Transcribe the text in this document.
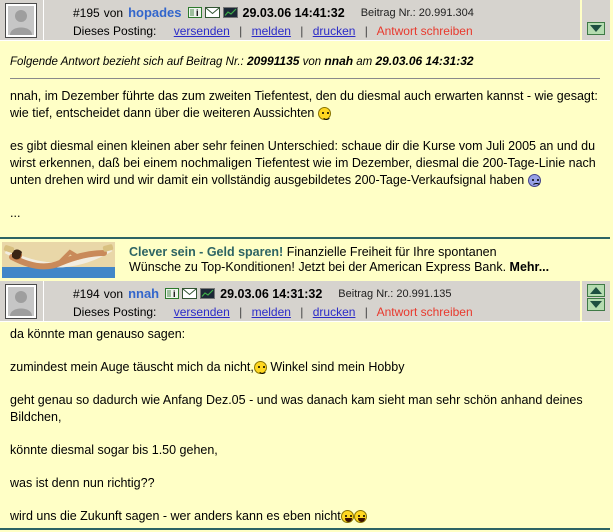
#195 von hopades i	29.03.06 14:41:32 Beitrag Nr.: 20.991.304
Dieses Posting: versenden | melden | drucken | Antwort schreiben
Folgende Antwort bezieht sich auf Beitrag Nr.: 20991135 von nnah am 29.03.06 14:31:32

nnah, im Dezember führte das zum zweiten Tiefentest, den du diesmal auch erwarten kannst - wie gesagt: wie tief, entscheidet dann über die weiteren Aussichten

es gibt diesmal einen kleinen aber sehr feinen Unterschied: schaue dir die Kurse vom Juli 2005 an und du wirst erkennen, daß bei einem nochmaligen Tiefentest wie im Dezember, diesmal die 200-Tage-Linie nach unten drehen wird und wir damit ein vollständig ausgebildetes 200-Tage-Verkaufsignal haben

...

Clever sein - Geld sparen! Finanzielle Freiheit für Ihre spontanen
Wünsche zu Top-Konditionen! Jetzt bei der American Express Bank. Mehr...
#194 von nnah i	29.03.06 14:31:32 Beitrag Nr.: 20.991.135
Dieses Posting: versenden | melden | drucken | Antwort schreiben

da könnte man genauso sagen:

zumindest mein Auge täuscht mich da nicht, Winkel sind mein Hobby

geht genau so dadurch wie Anfang Dez.05 - und was danach kam sieht man sehr schön anhand deines Bildchen,

könnte diesmal sogar bis 1.50 gehen,

was ist denn nun richtig??

wird uns die Zukunft sagen - wer anders kann es eben nicht
